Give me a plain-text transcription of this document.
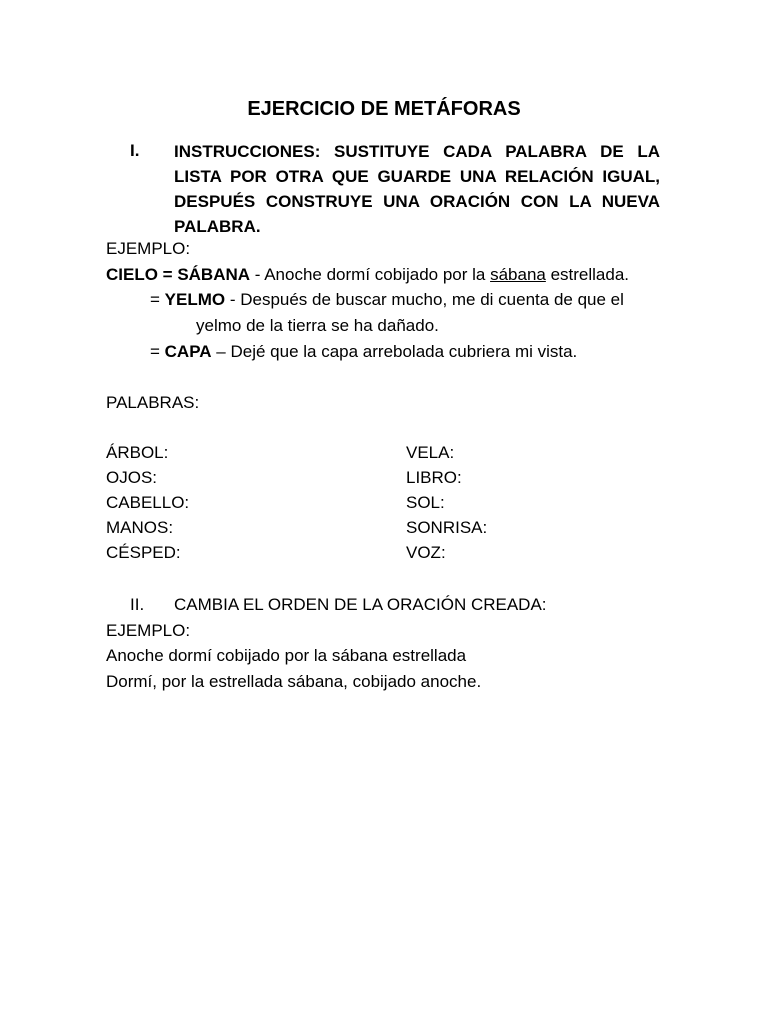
EJERCICIO DE METÁFORAS
I. INSTRUCCIONES: SUSTITUYE CADA PALABRA DE LA LISTA POR OTRA QUE GUARDE UNA RELACIÓN IGUAL, DESPUÉS CONSTRUYE UNA ORACIÓN CON LA NUEVA PALABRA.
EJEMPLO:
CIELO = SÁBANA - Anoche dormí cobijado por la sábana estrellada.
= YELMO - Después de buscar mucho, me di cuenta de que el
yelmo de la tierra se ha dañado.
= CAPA – Dejé que la capa arrebolada cubriera mi vista.
PALABRAS:
ÁRBOL:	VELA:
OJOS:	LIBRO:
CABELLO:	SOL:
MANOS:	SONRISA:
CÉSPED:	VOZ:
II. CAMBIA EL ORDEN DE LA ORACIÓN CREADA:
EJEMPLO:
Anoche dormí cobijado por la sábana estrellada
Dormí, por la estrellada sábana, cobijado anoche.
